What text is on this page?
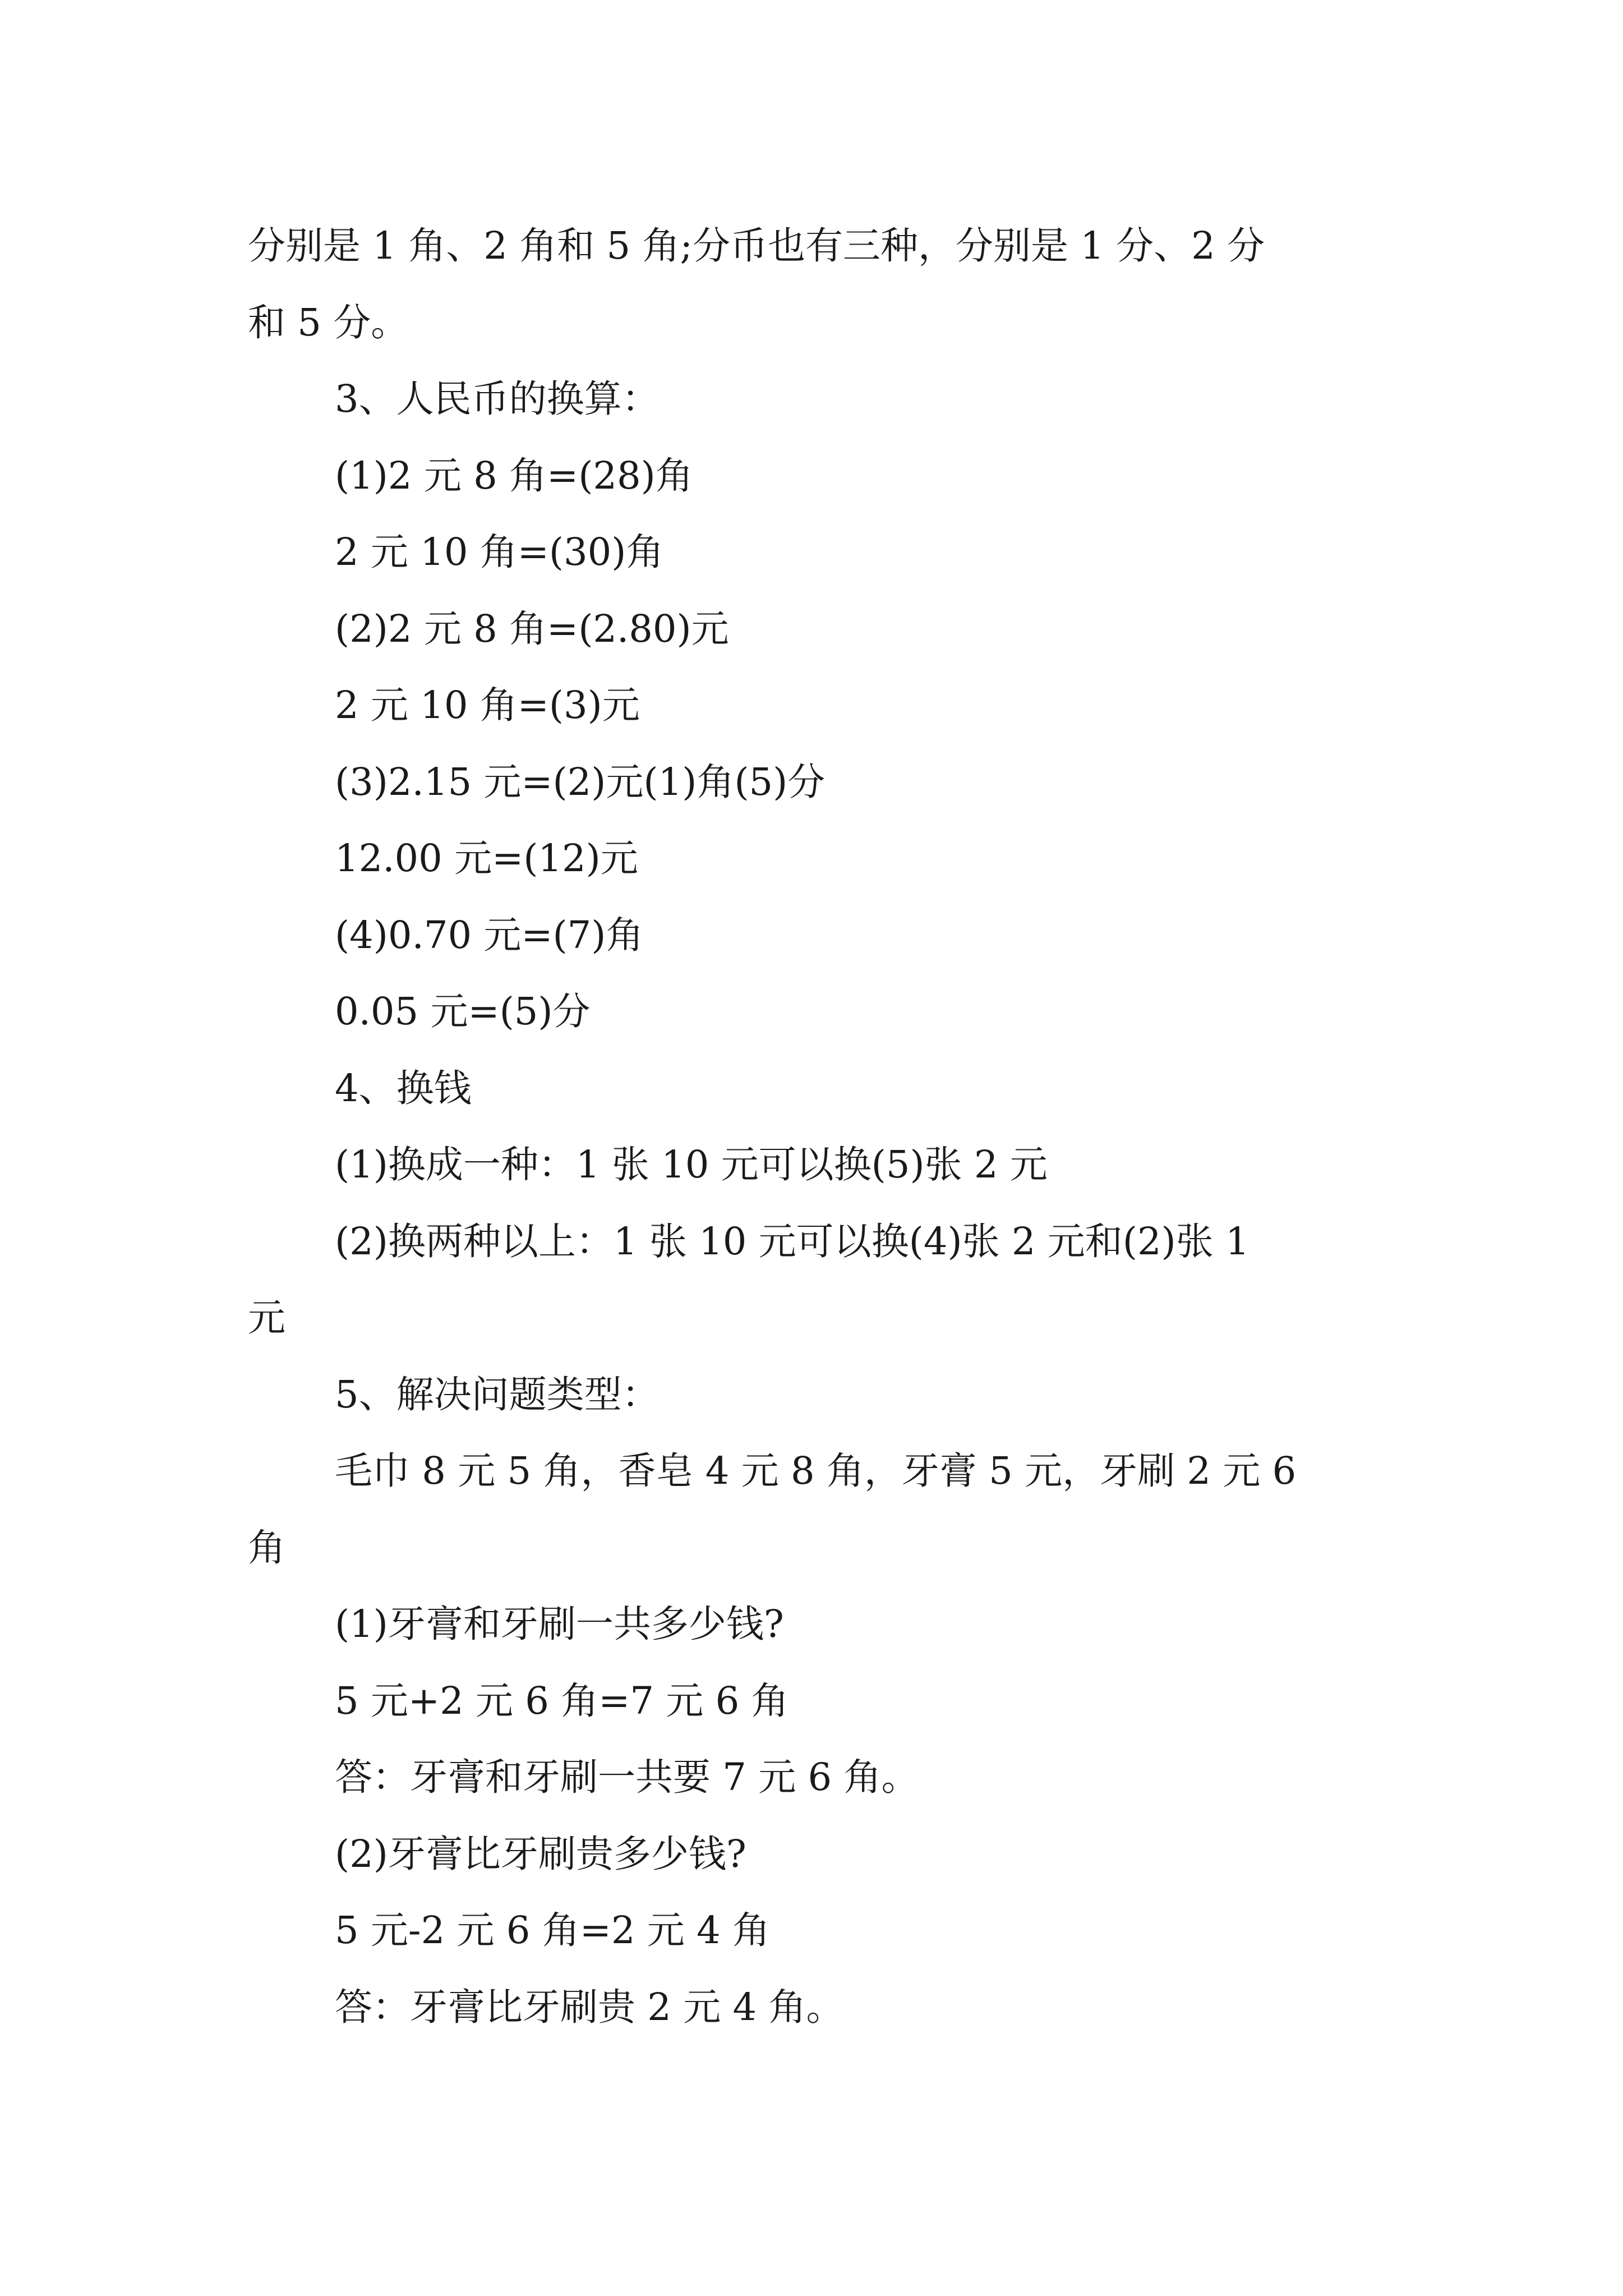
分别是 1 角、2 角和 5 角;分币也有三种，分别是 1 分、2 分
和 5 分。
3、人民币的换算：
(1)2 元 8 角=(28)角
2 元 10 角=(30)角
(2)2 元 8 角=(2.80)元
2 元 10 角=(3)元
(3)2.15 元=(2)元(1)角(5)分
12.00 元=(12)元
(4)0.70 元=(7)角
0.05 元=(5)分
4、换钱
(1)换成一种：1 张 10 元可以换(5)张 2 元
(2)换两种以上：1 张 10 元可以换(4)张 2 元和(2)张 1
元
5、解决问题类型：
毛巾 8 元 5 角，香皂 4 元 8 角，牙膏 5 元，牙刷 2 元 6
角
(1)牙膏和牙刷一共多少钱?
5 元+2 元 6 角=7 元 6 角
答：牙膏和牙刷一共要 7 元 6 角。
(2)牙膏比牙刷贵多少钱?
5 元-2 元 6 角=2 元 4 角
答：牙膏比牙刷贵 2 元 4 角。
